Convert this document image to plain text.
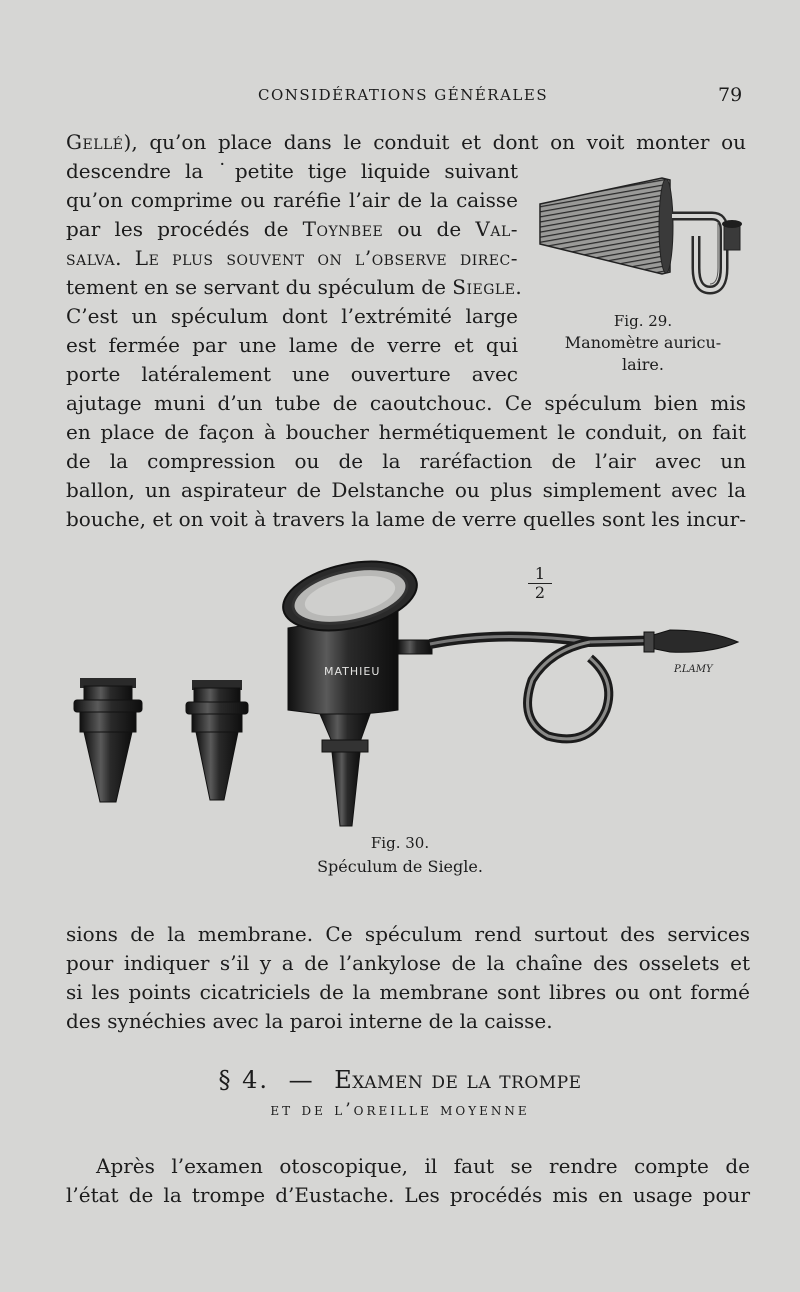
CONSIDÉRATIONS GÉNÉRALES	79
Gellé), qu’on place dans le conduit et dont on voit monter ou
descendre la ˙petite tige liquide suivant
qu’on comprime ou raréfie l’air de la caisse
par les procédés de Toynbee ou de Val-
salva. Le plus souvent on l’observe direc-
tement en se servant du spéculum de Siegle.
C’est un spéculum dont l’extrémité large
est fermée par une lame de verre et qui
porte latéralement une ouverture avec
ajutage muni d’un tube de caoutchouc. Ce spéculum bien mis
en place de façon à boucher hermétiquement le conduit, on fait
de la compression ou de la raréfaction de l’air avec un
ballon, un aspirateur de Delstanche ou plus simplement avec la
bouche, et on voit à travers la lame de verre quelles sont les incur-
Fig. 29.
Manomètre auricu-
laire.
1
2
MATHIEU	P.LAMY
Fig. 30.
Spéculum de Siegle.
sions de la membrane. Ce spéculum rend surtout des services
pour indiquer s’il y a de l’ankylose de la chaîne des osselets et
si les points cicatriciels de la membrane sont libres ou ont formé
des synéchies avec la paroi interne de la caisse.
§ 4. — Examen de la trompe
et de l’oreille moyenne
Après l’examen otoscopique, il faut se rendre compte de
l’état de la trompe d’Eustache. Les procédés mis en usage pour
